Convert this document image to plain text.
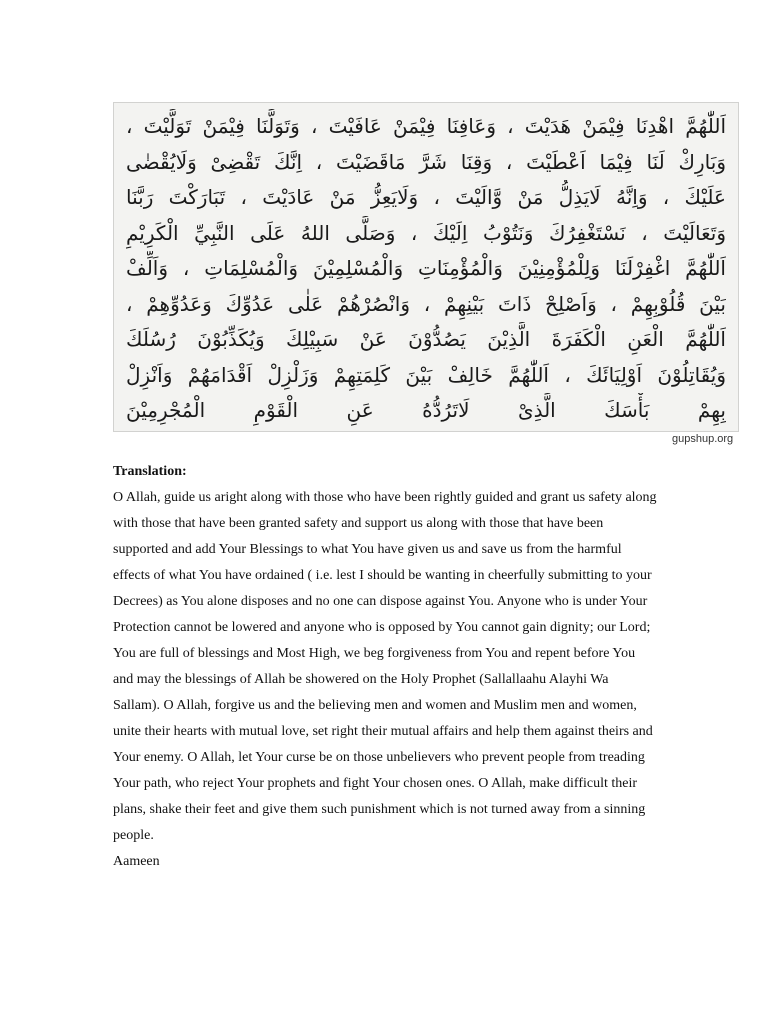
اَللّٰهُمَّ اهْدِنَا فِيْمَنْ هَدَيْتَ ، وَعَافِنَا فِيْمَنْ عَافَيْتَ ، وَتَوَلَّنَا فِيْمَنْ تَوَلَّيْتَ ،
وَبَارِكْ لَنَا فِيْمَا اَعْطَيْتَ ، وَقِنَا شَرَّ مَاقَضَيْتَ ، اِنَّكَ تَقْضِىْ وَلَايُقْضٰى
عَلَيْكَ ، وَاِنَّهُ لَايَذِلُّ مَنْ وَّالَيْتَ ، وَلَايَعِزُّ مَنْ عَادَيْتَ ، تَبَارَكْتَ رَبَّنَا
وَتَعَالَيْتَ ، نَسْتَغْفِرُكَ وَنَتُوْبُ اِلَيْكَ ، وَصَلَّى اللهُ عَلَى النَّبِيِّ الْكَرِيْمِ
اَللّٰهُمَّ اغْفِرْلَنَا وَلِلْمُؤْمِنِيْنَ وَالْمُؤْمِنَاتِ وَالْمُسْلِمِيْنَ وَالْمُسْلِمَاتِ ، وَاَلِّفْ
بَيْنَ قُلُوْبِهِمْ ، وَاَصْلِحْ ذَاتَ بَيْنِهِمْ ، وَانْصُرْهُمْ عَلٰى عَدُوِّكَ وَعَدُوِّهِمْ ،
اَللّٰهُمَّ الْعَنِ الْكَفَرَةَ الَّذِيْنَ يَصُدُّوْنَ عَنْ سَبِيْلِكَ وَيُكَذِّبُوْنَ رُسُلَكَ
وَيُقَاتِلُوْنَ اَوْلِيَائَكَ ، اَللّٰهُمَّ خَالِفْ بَيْنَ كَلِمَتِهِمْ وَزَلْزِلْ اَقْدَامَهُمْ وَاَنْزِلْ
بِهِمْ بَأْسَكَ الَّذِىْ لَاتَرُدُّهُ عَنِ الْقَوْمِ الْمُجْرِمِيْنَ
gupshup.org

Translation:

O Allah, guide us aright along with those who have been rightly guided and grant us safety along with those that have been granted safety and support us along with those that have been supported and add Your Blessings to what You have given us and save us from the harmful effects of what You have ordained ( i.e. lest I should be wanting in cheerfully submitting to your Decrees) as You alone disposes and no one can dispose against You. Anyone who is under Your Protection cannot be lowered and anyone who is opposed by You cannot gain dignity; our Lord; You are full of blessings and Most High, we beg forgiveness from You and repent before You and may the blessings of Allah be showered on the Holy Prophet (Sallallaahu Alayhi Wa Sallam). O Allah, forgive us and the believing men and women and Muslim men and women, unite their hearts with mutual love, set right their mutual affairs and help them against theirs and Your enemy. O Allah, let Your curse be on those unbelievers who prevent people from treading Your path, who reject Your prophets and fight Your chosen ones. O Allah, make difficult their plans, shake their feet and give them such punishment which is not turned away from a sinning people.

Aameen
